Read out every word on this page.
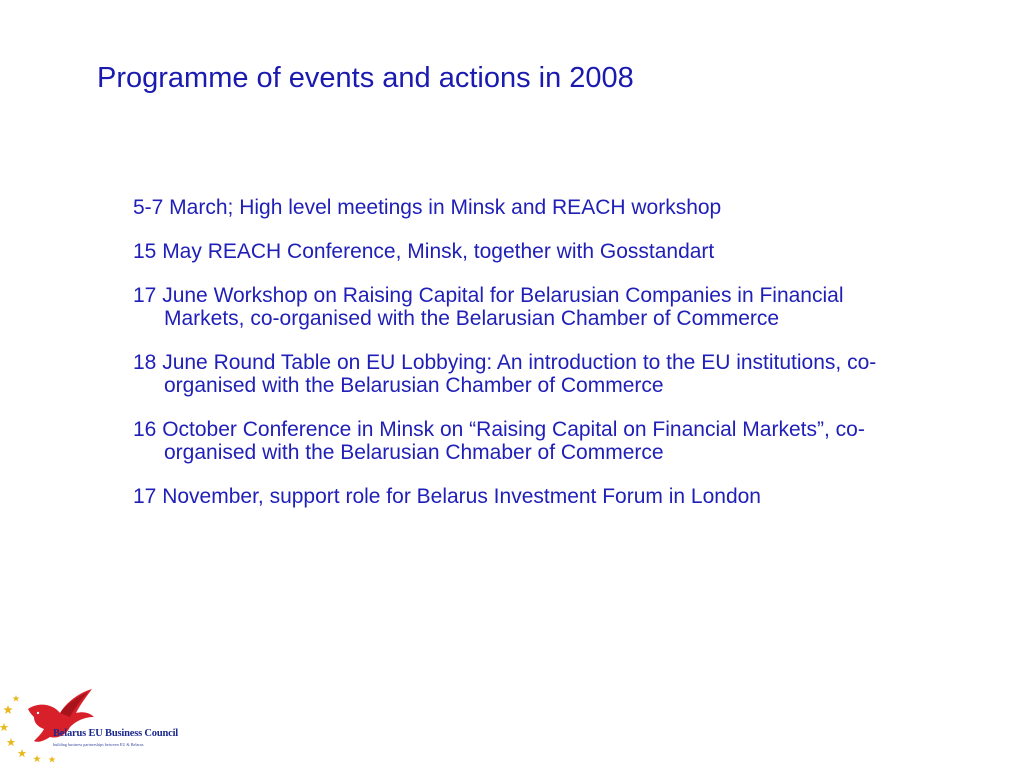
Programme of events and actions in 2008
5-7 March; High level meetings in Minsk and REACH workshop
15 May REACH Conference, Minsk, together with Gosstandart
17 June Workshop on Raising Capital for Belarusian Companies in Financial Markets, co-organised with the Belarusian Chamber of Commerce
18 June Round Table on EU Lobbying: An introduction to the EU institutions, co-organised with the Belarusian Chamber of Commerce
16 October Conference in Minsk on “Raising Capital on Financial Markets”, co-organised with the Belarusian Chmaber of Commerce
17 November, support role for Belarus Investment Forum in London
Belarus EU Business Council
building business partnerships between EU & Belarus
